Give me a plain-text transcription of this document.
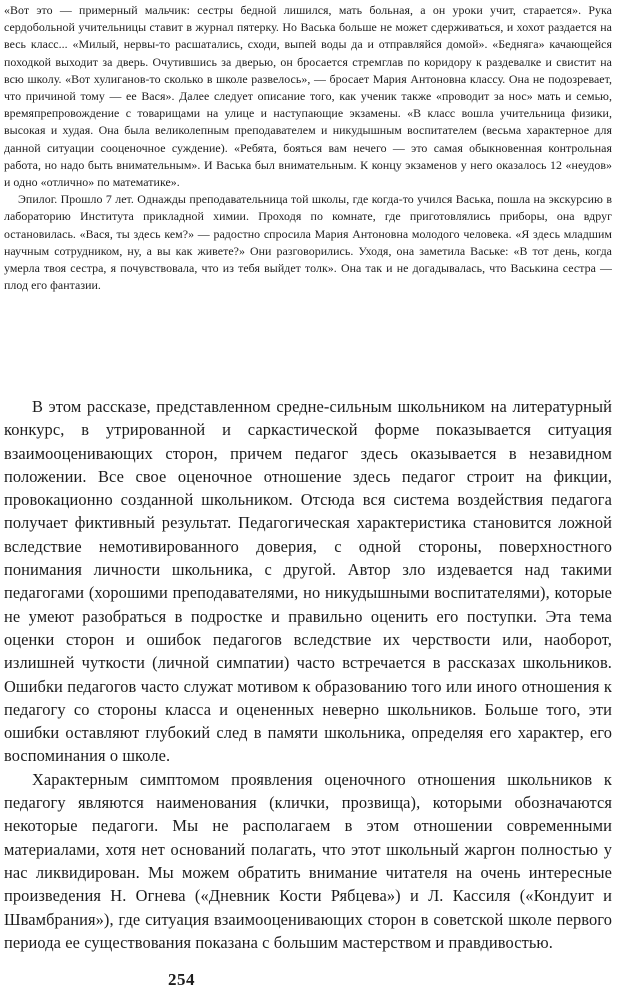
«Вот это — примерный мальчик: сестры бедной лишился, мать больная, а он уроки учит, старается». Рука сердобольной учительницы ставит в журнал пятерку. Но Васька больше не может сдерживаться, и хохот раздается на весь класс... «Милый, нервы-то расшатались, сходи, выпей воды да и отправляйся домой». «Бедняга» качающейся походкой выходит за дверь. Очутившись за дверью, он бросается стремглав по коридору к раздевалке и свистит на всю школу. «Вот хулиганов-то сколько в школе развелось», — бросает Мария Антоновна классу. Она не подозревает, что причиной тому — ее Вася». Далее следует описание того, как ученик также «проводит за нос» мать и семью, времяпрепровождение с товарищами на улице и наступающие экзамены. «В класс вошла учительница физики, высокая и худая. Она была великолепным преподавателем и никудышным воспитателем (весьма характерное для данной ситуации сооценочное суждение). «Ребята, бояться вам нечего — это самая обыкновенная контрольная работа, но надо быть внимательным». И Васька был внимательным. К концу экзаменов у него оказалось 12 «неудов» и одно «отлично» по математике».

Эпилог. Прошло 7 лет. Однажды преподавательница той школы, где когда-то учился Васька, пошла на экскурсию в лабораторию Института прикладной химии. Проходя по комнате, где приготовлялись приборы, она вдруг остановилась. «Вася, ты здесь кем?» — радостно спросила Мария Антоновна молодого человека. «Я здесь младшим научным сотрудником, ну, а вы как живете?» Они разговорились. Уходя, она заметила Ваське: «В тот день, когда умерла твоя сестра, я почувствовала, что из тебя выйдет толк». Она так и не догадывалась, что Васькина сестра — плод его фантазии.

В этом рассказе, представленном средне-сильным школьником на литературный конкурс, в утрированной и саркастической форме показывается ситуация взаимооценивающих сторон, причем педагог здесь оказывается в незавидном положении. Все свое оценочное отношение здесь педагог строит на фикции, провокационно созданной школьником. Отсюда вся система воздействия педагога получает фиктивный результат. Педагогическая характеристика становится ложной вследствие немотивированного доверия, с одной стороны, поверхностного понимания личности школьника, с другой. Автор зло издевается над такими педагогами (хорошими преподавателями, но никудышными воспитателями), которые не умеют разобраться в подростке и правильно оценить его поступки. Эта тема оценки сторон и ошибок педагогов вследствие их черствости или, наоборот, излишней чуткости (личной симпатии) часто встречается в рассказах школьников. Ошибки педагогов часто служат мотивом к образованию того или иного отношения к педагогу со стороны класса и оцененных неверно школьников. Больше того, эти ошибки оставляют глубокий след в памяти школьника, определяя его характер, его воспоминания о школе.

Характерным симптомом проявления оценочного отношения школьников к педагогу являются наименования (клички, прозвища), которыми обозначаются некоторые педагоги. Мы не располагаем в этом отношении современными материалами, хотя нет оснований полагать, что этот школьный жаргон полностью у нас ликвидирован. Мы можем обратить внимание читателя на очень интересные произведения Н. Огнева («Дневник Кости Рябцева») и Л. Кассиля («Кондуит и Швамбрания»), где ситуация взаимооценивающих сторон в советской школе первого периода ее существования показана с большим мастерством и правдивостью.

254
